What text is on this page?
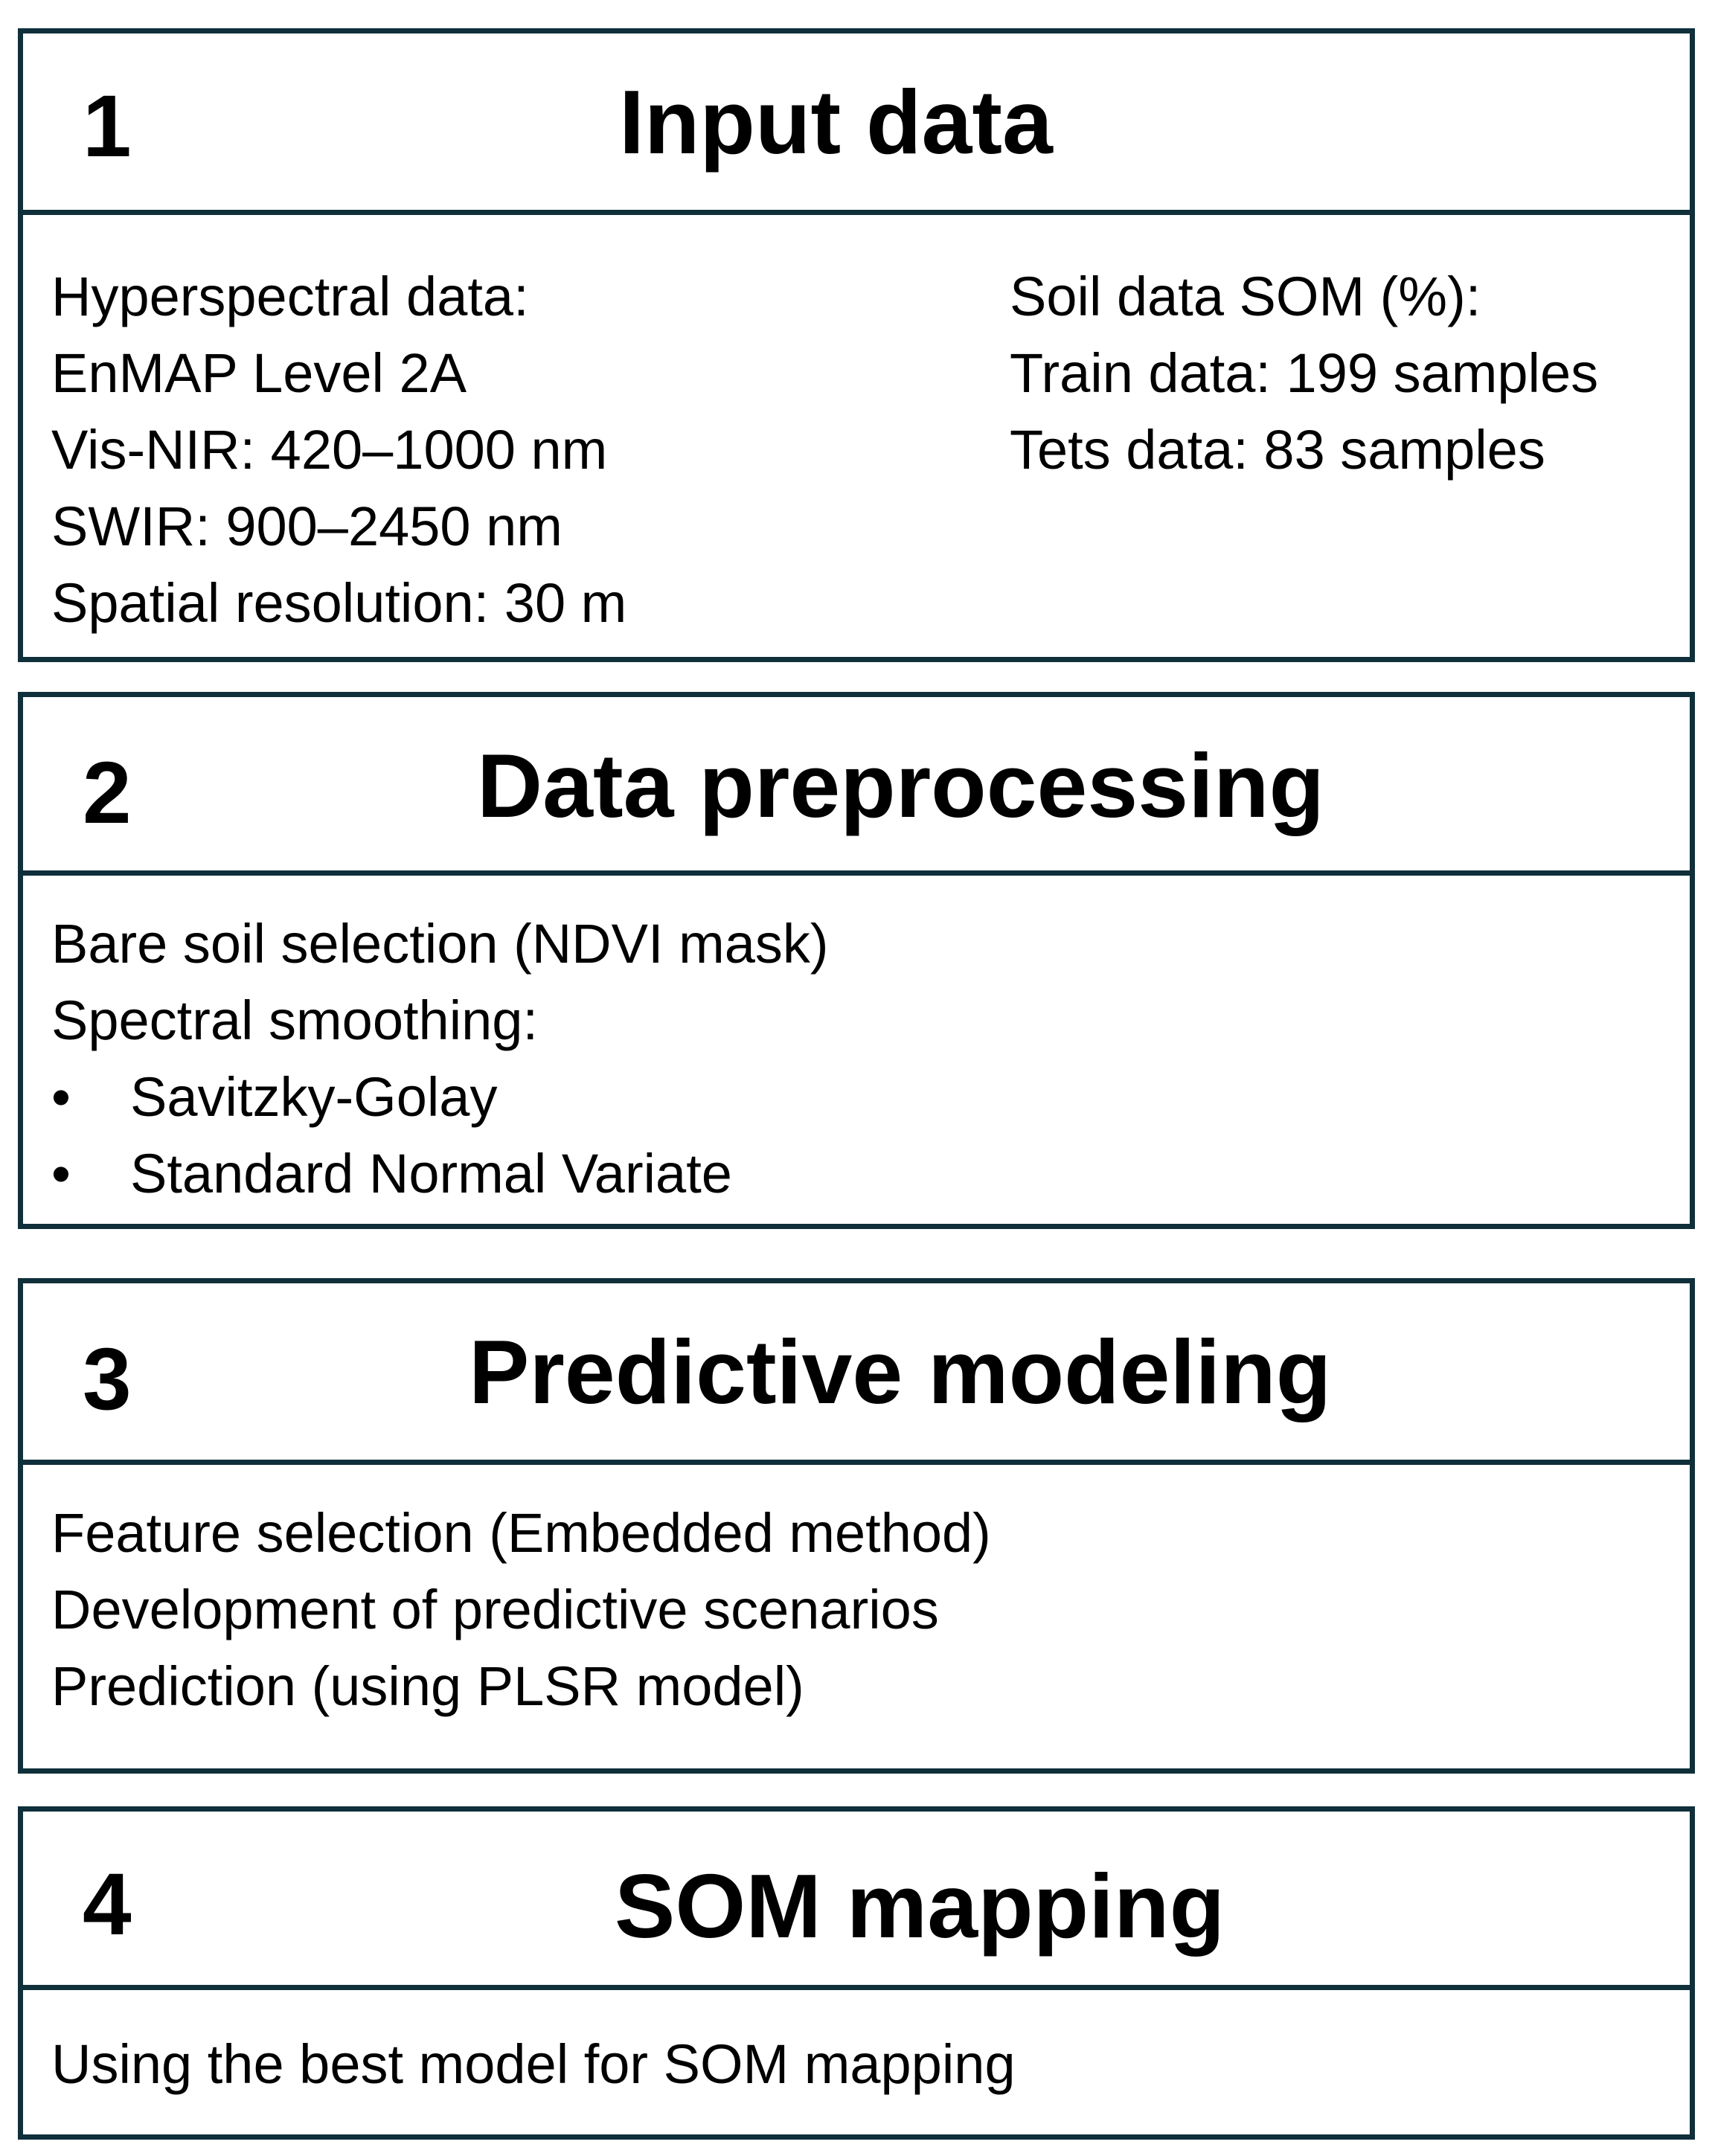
1	Input data
Hyperspectral data:
EnMAP Level 2A
Vis-NIR: 420–1000 nm
SWIR: 900–2450 nm
Spatial resolution: 30 m
Soil data SOM (%):
Train data: 199 samples
Tets data: 83 samples
2	Data preprocessing
Bare soil selection (NDVI mask)
Spectral smoothing:
• Savitzky-Golay
• Standard Normal Variate
3	Predictive modeling
Feature selection (Embedded method)
Development of predictive scenarios
Prediction (using PLSR model)
4	SOM mapping
Using the best model for SOM mapping
